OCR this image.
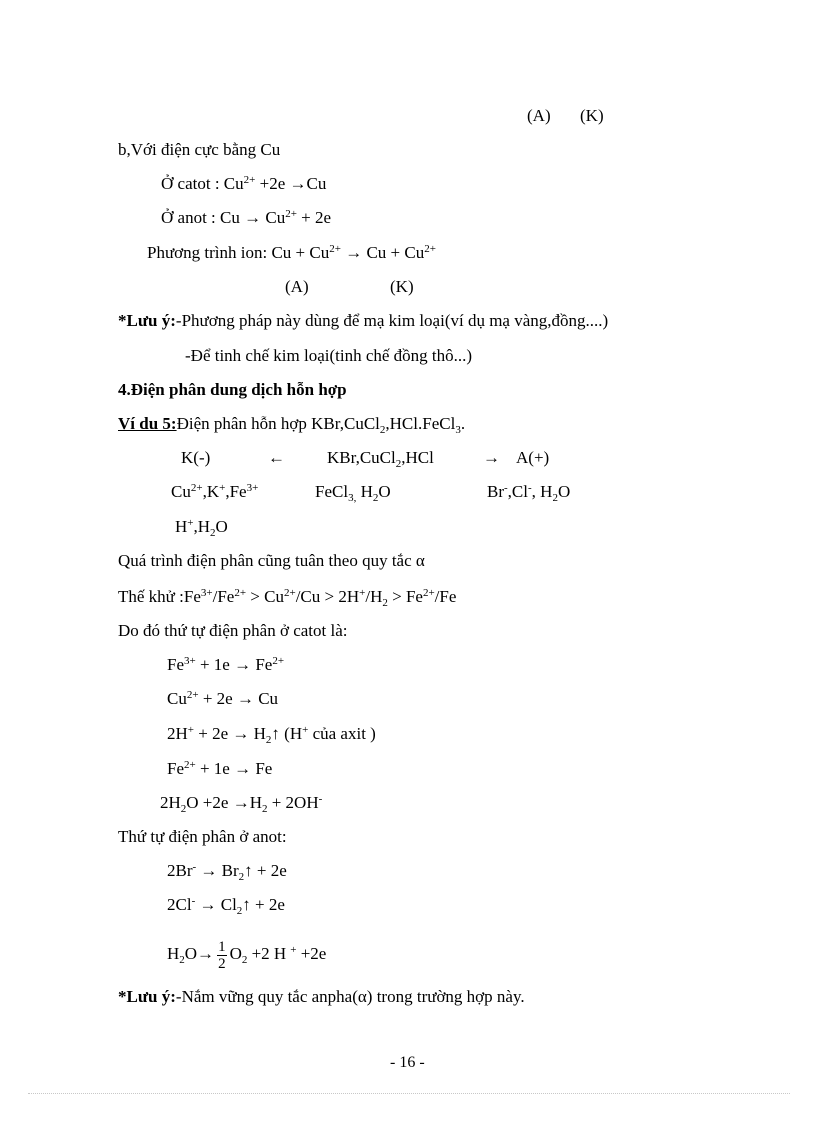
(A) (K)
b,Với điện cực bằng Cu
Ở catot : $Cu^{2+} +2e \to Cu$
Ở anot : $Cu \to Cu^{2+} + 2e$
Phương trình ion: $Cu + Cu^{2+} \to Cu + Cu^{2+}$
(A)	(K)
*Lưu ý:-Phương pháp này dùng để mạ kim loại(ví dụ mạ vàng,đồng....)
-Để tinh chế kim loại(tinh chế đồng thô...)
4.Điện phân dung dịch hỗn hợp
Ví du 5:Điện phân hỗn hợp KBr,CuCl$_2$,HCl.FeCl$_3$.
K(-)	← KBr,CuCl$_2$,HCl	→ A(+)
$Cu^{2+},K^+,Fe^{3+}$	FeCl$_{3,}$ $H_2O$	Br-,Cl-, $H_2O$
$H^+,H_2O$
Quá trình điện phân cũng tuân theo quy tắc α
Thế khử $:Fe^{3+}/Fe^{2+} > Cu^{2+}/Cu > 2H^+/H_2 > Fe^{2+}/Fe$
Do đó thứ tự điện phân ở catot là:
$Fe^{3+} + 1e \to Fe^{2+}$
$Cu^{2+} + 2e \to Cu$
$2H^+ + 2e \to H_2↑$ (H+ của axit )
$Fe^{2+} + 1e \to Fe$
$2H_2O +2e \to H_2 + 2OH^-$
Thứ tự điện phân ở anot:
$2Br^- \to Br_2↑ + 2e$
$2Cl^- \to Cl_2↑ + 2e$
$H_2O\to \frac{1}{2} O_2 +2$ H + +2e
*Lưu ý:-Nắm vững quy tắc anpha(α) trong trường hợp này.
- 16 -
